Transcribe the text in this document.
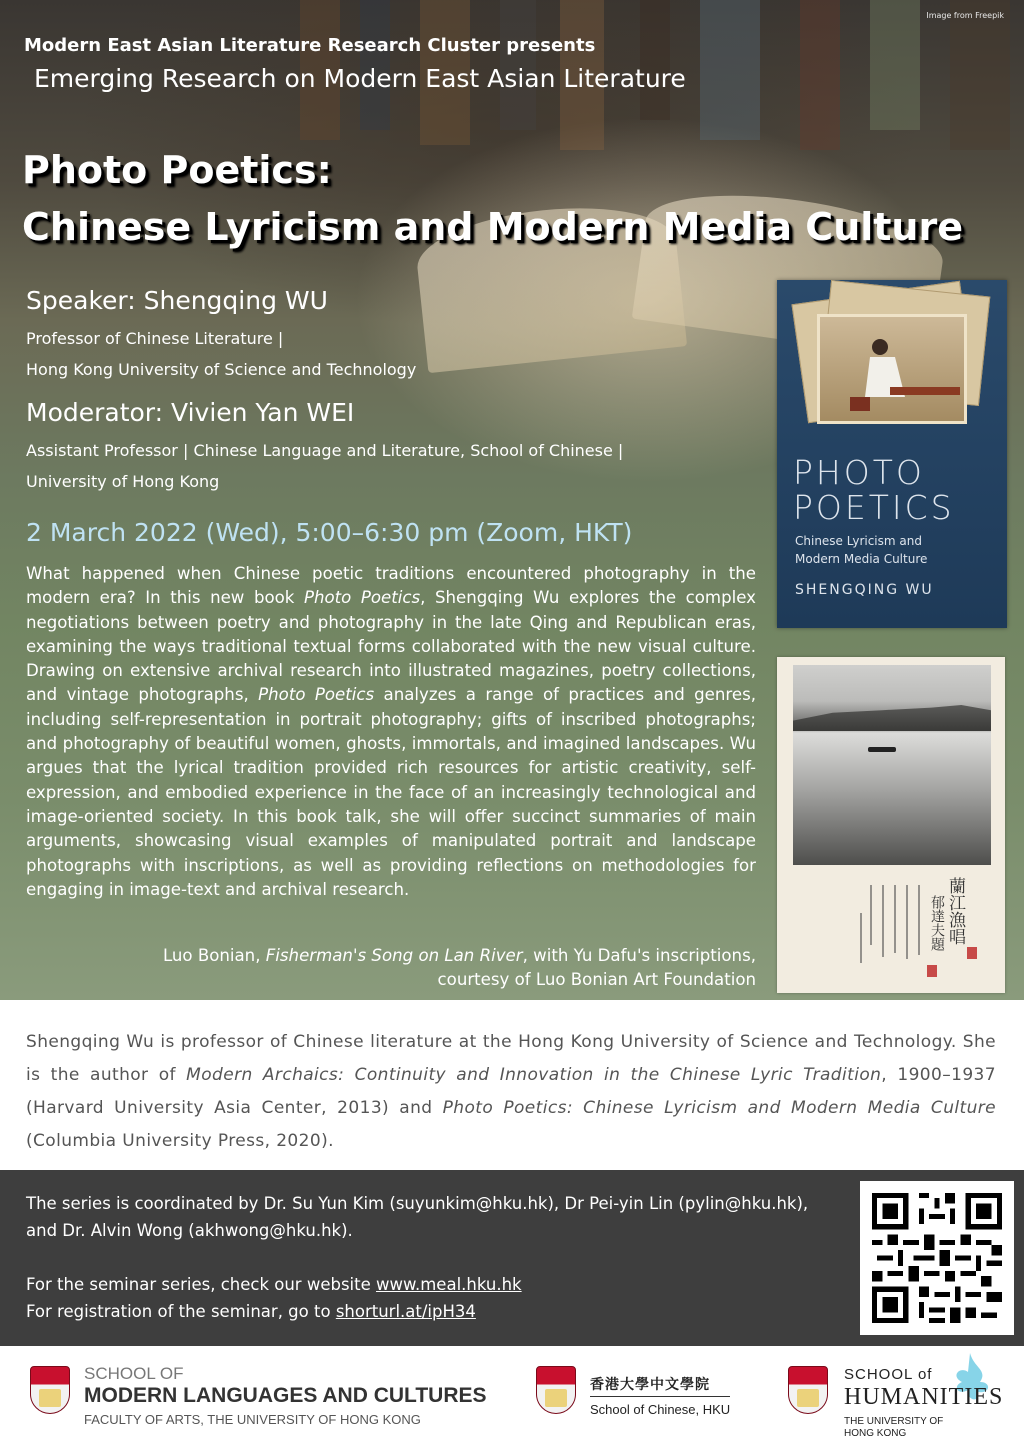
Image from Freepik
Modern East Asian Literature Research Cluster presents
Emerging Research on Modern East Asian Literature
Photo Poetics:
Chinese Lyricism and Modern Media Culture
Speaker: Shengqing WU
Professor of Chinese Literature |
Hong Kong University of Science and Technology
Moderator: Vivien Yan WEI
Assistant Professor | Chinese Language and Literature, School of Chinese |
University of Hong Kong
2 March 2022 (Wed), 5:00–6:30 pm (Zoom, HKT)
What happened when Chinese poetic traditions encountered photography in the modern era? In this new book Photo Poetics, Shengqing Wu explores the complex negotiations between poetry and photography in the late Qing and Republican eras, examining the ways traditional textual forms collaborated with the new visual culture. Drawing on extensive archival research into illustrated magazines, poetry collections, and vintage photographs, Photo Poetics analyzes a range of practices and genres, including self-representation in portrait photography; gifts of inscribed photographs; and photography of beautiful women, ghosts, immortals, and imagined landscapes. Wu argues that the lyrical tradition provided rich resources for artistic creativity, self-expression, and embodied experience in the face of an increasingly technological and image-oriented society. In this book talk, she will offer succinct summaries of main arguments, showcasing visual examples of manipulated portrait and landscape photographs with inscriptions, as well as providing reflections on methodologies for engaging in image-text and archival research.
Luo Bonian, Fisherman's Song on Lan River, with Yu Dafu's inscriptions,
courtesy of Luo Bonian Art Foundation
PHOTO
POETICS
Chinese Lyricism and
Modern Media Culture
SHENGQING WU
蘭江漁唱
郁達夫題
Shengqing Wu is professor of Chinese literature at the Hong Kong University of Science and Technology. She is the author of Modern Archaics: Continuity and Innovation in the Chinese Lyric Tradition, 1900–1937 (Harvard University Asia Center, 2013) and Photo Poetics: Chinese Lyricism and Modern Media Culture (Columbia University Press, 2020).
The series is coordinated by Dr. Su Yun Kim (suyunkim@hku.hk), Dr Pei-yin Lin (pylin@hku.hk),
and Dr. Alvin Wong (akhwong@hku.hk).
For the seminar series, check our website www.meal.hku.hk
For registration of the seminar, go to shorturl.at/ipH34
SCHOOL OF
MODERN LANGUAGES AND CULTURES
FACULTY OF ARTS, THE UNIVERSITY OF HONG KONG
香港大學中文學院
School of Chinese, HKU
SCHOOL of
HUMANITIES
THE UNIVERSITY OF
HONG KONG
